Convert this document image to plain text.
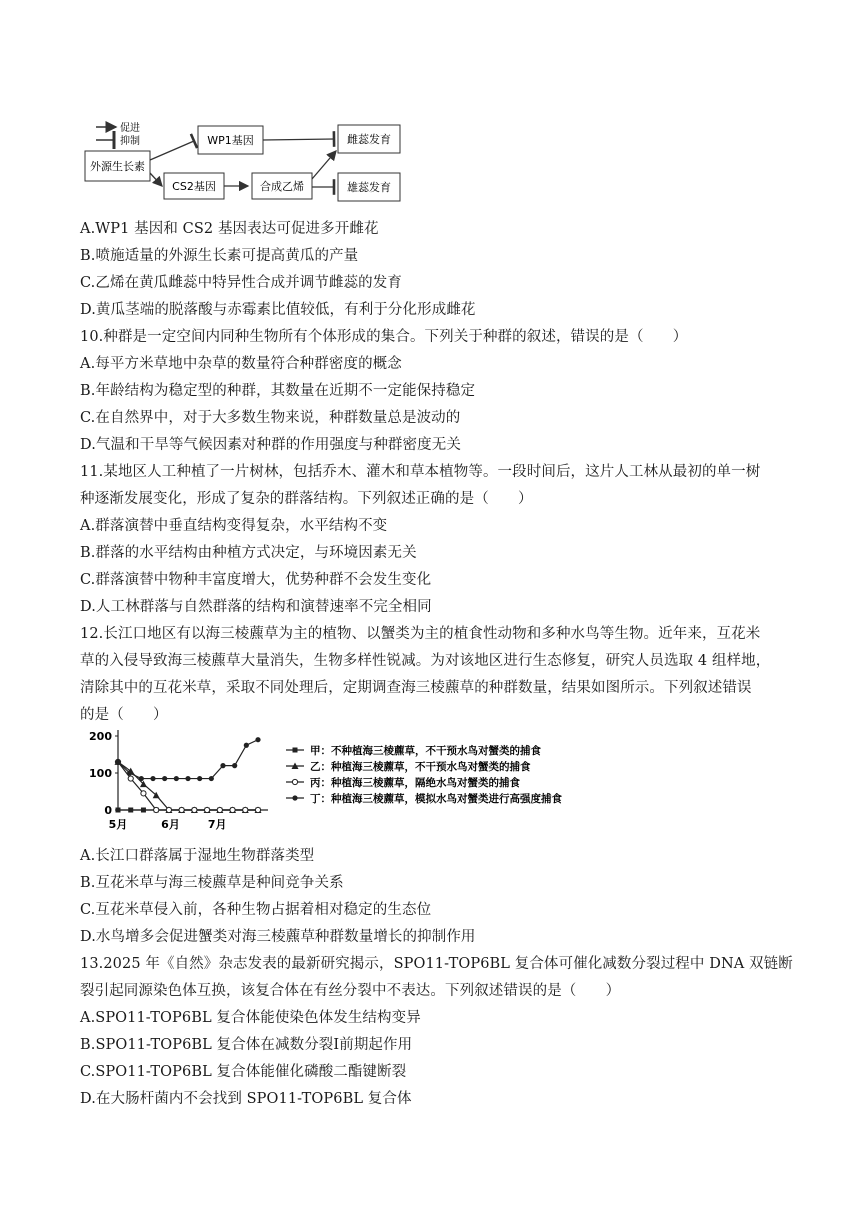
促进
抑制
外源生长素
WP1基因
CS2基因	合成乙烯
雌蕊发育
雄蕊发育
A.WP1 基因和 CS2 基因表达可促进多开雌花
B.喷施适量的外源生长素可提高黄瓜的产量
C.乙烯在黄瓜雌蕊中特异性合成并调节雌蕊的发育
D.黄瓜茎端的脱落酸与赤霉素比值较低，有利于分化形成雌花
10.种群是一定空间内同种生物所有个体形成的集合。下列关于种群的叙述，错误的是（　　）
A.每平方米草地中杂草的数量符合种群密度的概念
B.年龄结构为稳定型的种群，其数量在近期不一定能保持稳定
C.在自然界中，对于大多数生物来说，种群数量总是波动的
D.气温和干旱等气候因素对种群的作用强度与种群密度无关
11.某地区人工种植了一片树林，包括乔木、灌木和草本植物等。一段时间后，这片人工林从最初的单一树
种逐渐发展变化，形成了复杂的群落结构。下列叙述正确的是（　　）
A.群落演替中垂直结构变得复杂，水平结构不变
B.群落的水平结构由种植方式决定，与环境因素无关
C.群落演替中物种丰富度增大，优势种群不会发生变化
D.人工林群落与自然群落的结构和演替速率不完全相同
12.长江口地区有以海三棱藨草为主的植物、以蟹类为主的植食性动物和多种水鸟等生物。近年来，互花米
草的入侵导致海三棱藨草大量消失，生物多样性锐减。为对该地区进行生态修复，研究人员选取 4 组样地，
清除其中的互花米草，采取不同处理后，定期调查海三棱藨草的种群数量，结果如图所示。下列叙述错误
的是（　　）
0
100
200
5月	6月	7月
甲：不种植海三棱藨草，不干预水鸟对蟹类的捕食
乙：种植海三棱藨草，不干预水鸟对蟹类的捕食
丙：种植海三棱藨草，隔绝水鸟对蟹类的捕食
丁：种植海三棱藨草，模拟水鸟对蟹类进行高强度捕食
A.长江口群落属于湿地生物群落类型
B.互花米草与海三棱藨草是种间竞争关系
C.互花米草侵入前，各种生物占据着相对稳定的生态位
D.水鸟增多会促进蟹类对海三棱藨草种群数量增长的抑制作用
13.2025 年《自然》杂志发表的最新研究揭示，SPO11-TOP6BL 复合体可催化减数分裂过程中 DNA 双链断
裂引起同源染色体互换，该复合体在有丝分裂中不表达。下列叙述错误的是（　　）
A.SPO11-TOP6BL 复合体能使染色体发生结构变异
B.SPO11-TOP6BL 复合体在减数分裂Ⅰ前期起作用
C.SPO11-TOP6BL 复合体能催化磷酸二酯键断裂
D.在大肠杆菌内不会找到 SPO11-TOP6BL 复合体
